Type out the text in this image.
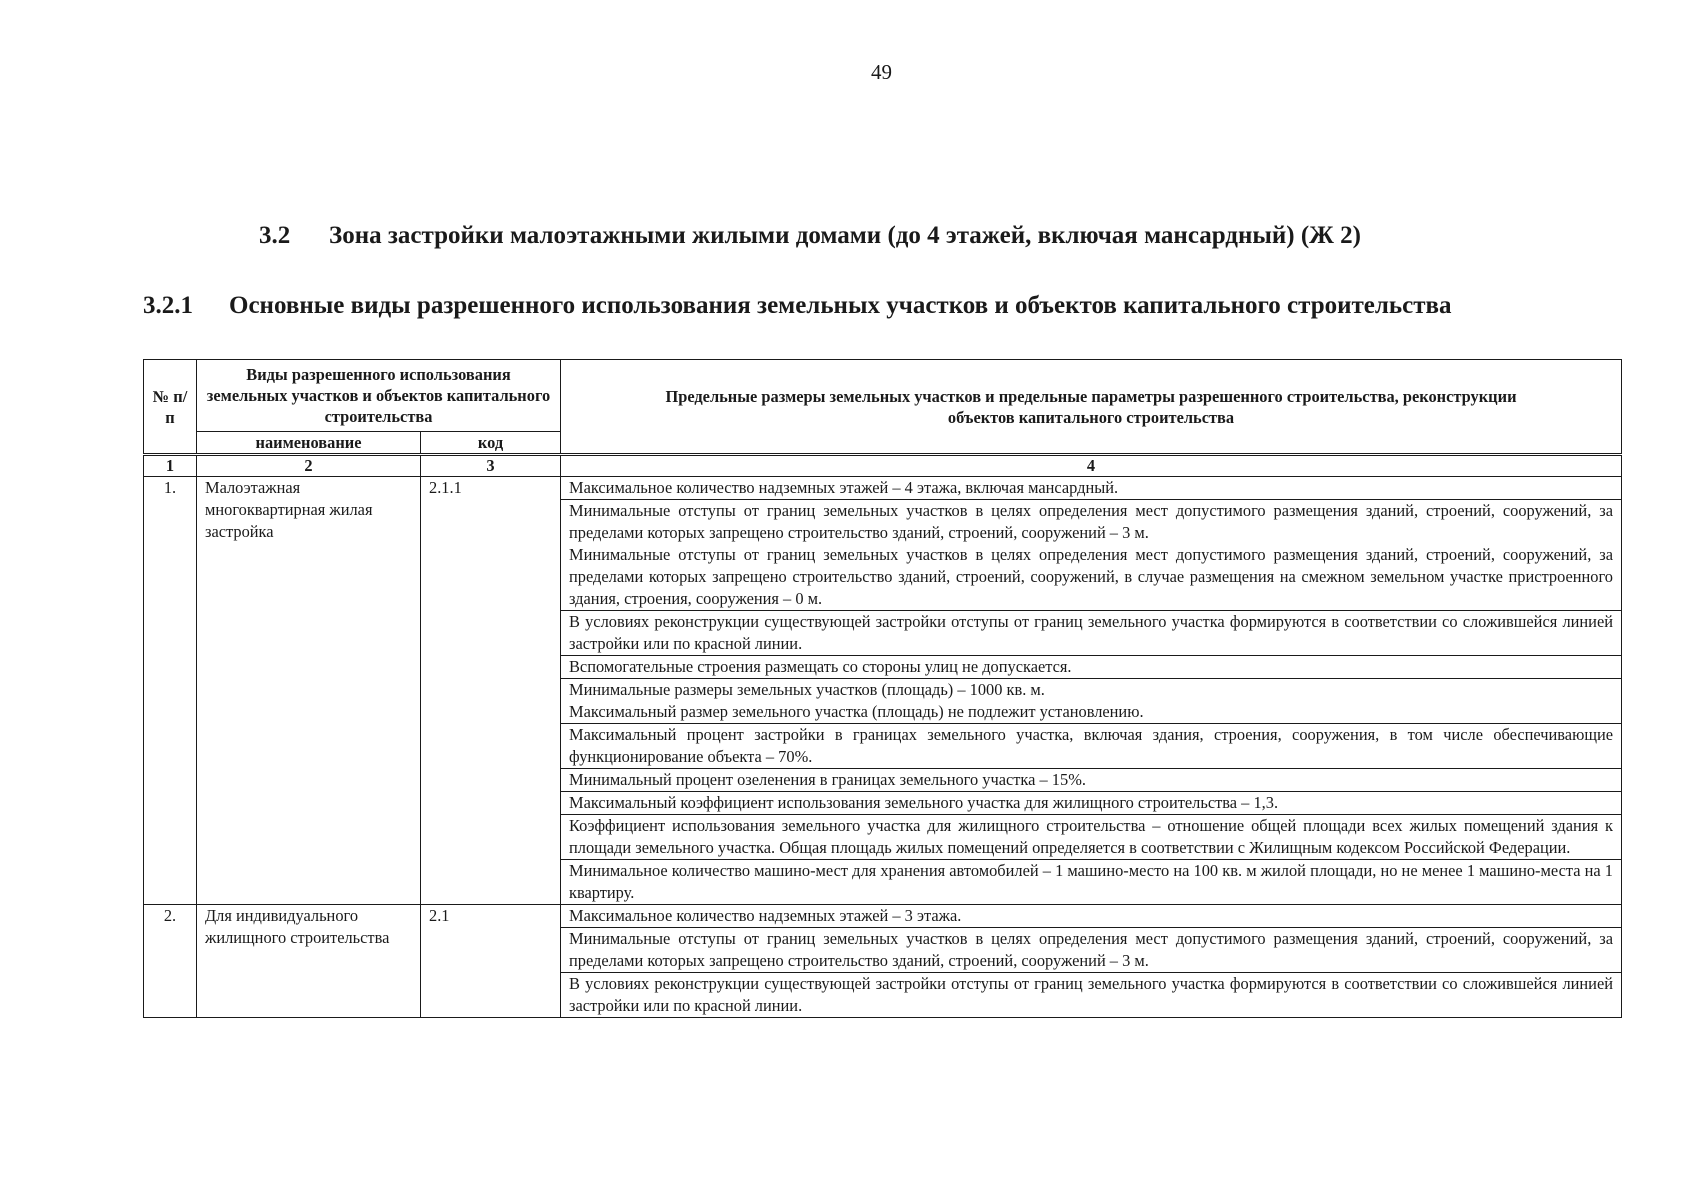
49
3.2 Зона застройки малоэтажными жилыми домами (до 4 этажей, включая мансардный) (Ж 2)
3.2.1 Основные виды разрешенного использования земельных участков и объектов капитального строительства
№ п/п	Виды разрешенного использования земельных участков и объектов капитального строительства		Предельные размеры земельных участков и предельные параметры разрешенного строительства, реконструкции объектов капитального строительства
	наименование	код	
1	2	3	4
1.	Малоэтажная многоквартирная жилая застройка	2.1.1	Максимальное количество надземных этажей – 4 этажа, включая мансардный.

			Минимальные отступы от границ земельных участков в целях определения мест допустимого размещения зданий, строений, сооружений, за пределами которых запрещено строительство зданий, строений, сооружений – 3 м.
Минимальные отступы от границ земельных участков в целях определения мест допустимого размещения зданий, строений, сооружений, за пределами которых запрещено строительство зданий, строений, сооружений, в случае размещения на смежном земельном участке пристроенного здания, строения, сооружения – 0 м.

			В условиях реконструкции существующей застройки отступы от границ земельного участка формируются в соответствии со сложившейся линией застройки или по красной линии.

			Вспомогательные строения размещать со стороны улиц не допускается.

			Минимальные размеры земельных участков (площадь) – 1000 кв. м.
Максимальный размер земельного участка (площадь) не подлежит установлению.

			Максимальный процент застройки в границах земельного участка, включая здания, строения, сооружения, в том числе обеспечивающие функционирование объекта – 70%.

			Минимальный процент озеленения в границах земельного участка – 15%.

			Максимальный коэффициент использования земельного участка для жилищного строительства – 1,3.

			Коэффициент использования земельного участка для жилищного строительства – отношение общей площади всех жилых помещений здания к площади земельного участка. Общая площадь жилых помещений определяется в соответствии с Жилищным кодексом Российской Федерации.

			Минимальное количество машино-мест для хранения автомобилей – 1 машино-место на 100 кв. м жилой площади, но не менее 1 машино-места на 1 квартиру.

2.	Для индивидуального жилищного строительства	2.1	Максимальное количество надземных этажей – 3 этажа.

			Минимальные отступы от границ земельных участков в целях определения мест допустимого размещения зданий, строений, сооружений, за пределами которых запрещено строительство зданий, строений, сооружений – 3 м.

			В условиях реконструкции существующей застройки отступы от границ земельного участка формируются в соответствии со сложившейся линией застройки или по красной линии.
